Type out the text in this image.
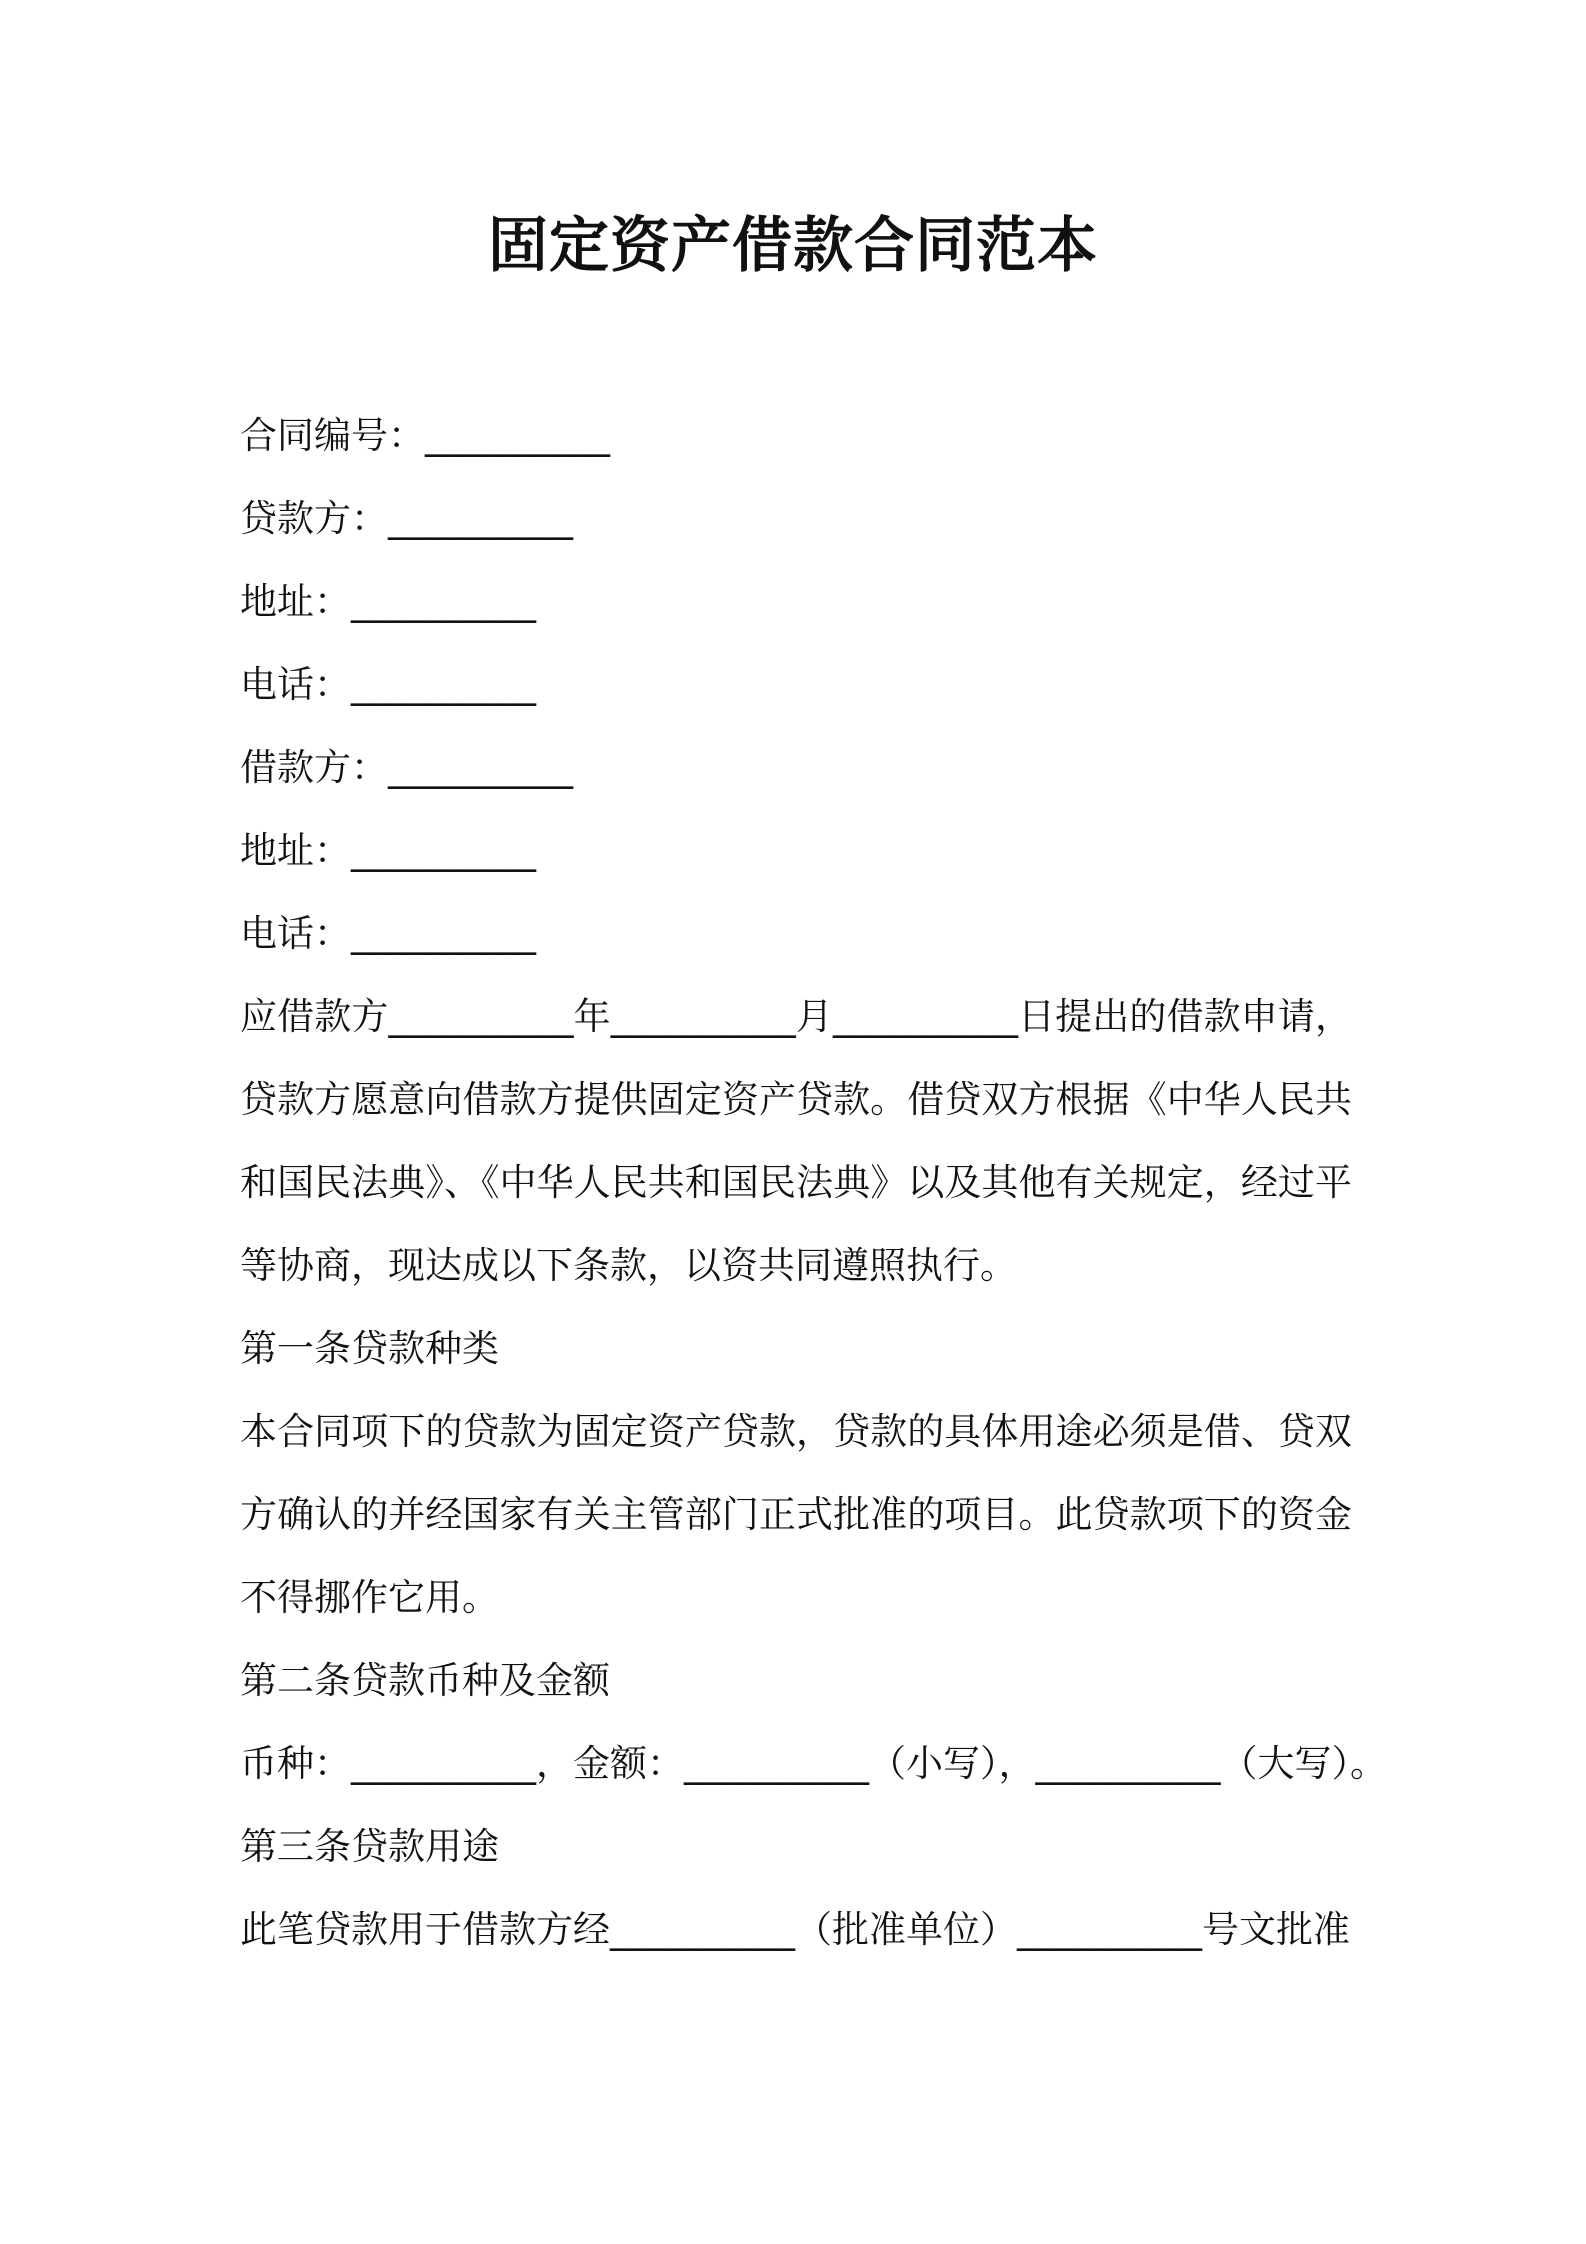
固定资产借款合同范本
合同编号：__________
贷款方：__________
地址：__________
电话：__________
借款方：__________
地址：__________
电话：__________
应借款方__________年__________月__________日提出的借款申请，贷款方愿意向借款方提供固定资产贷款。借贷双方根据《中华人民共和国民法典》、《中华人民共和国民法典》以及其他有关规定，经过平等协商，现达成以下条款，以资共同遵照执行。
第一条贷款种类
本合同项下的贷款为固定资产贷款，贷款的具体用途必须是借、贷双方确认的并经国家有关主管部门正式批准的项目。此贷款项下的资金不得挪作它用。
第二条贷款币种及金额
币种：__________，金额：__________（小写），__________（大写）。
第三条贷款用途
此笔贷款用于借款方经__________（批准单位）__________号文批准
